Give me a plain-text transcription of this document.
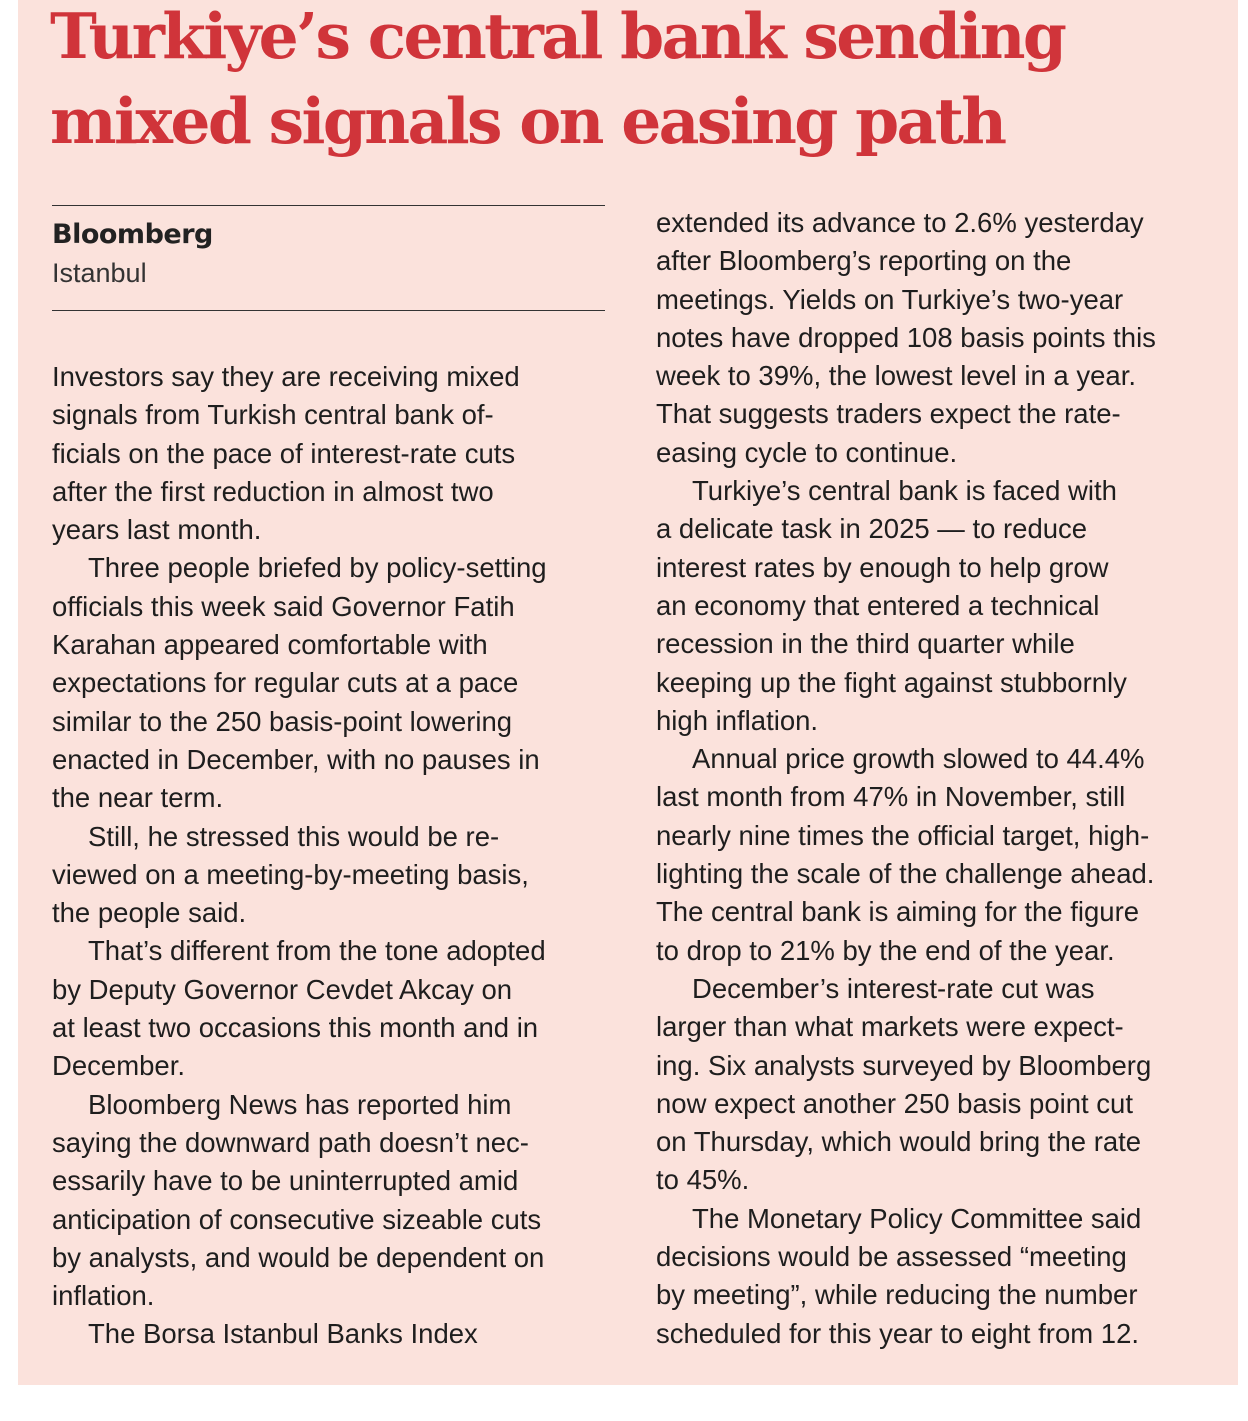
Turkiye’s central bank sending
mixed signals on easing path
Bloomberg
Istanbul
Investors say they are receiving mixed
signals from Turkish central bank of-
ficials on the pace of interest-rate cuts
after the first reduction in almost two
years last month.
Three people briefed by policy-setting
officials this week said Governor Fatih
Karahan appeared comfortable with
expectations for regular cuts at a pace
similar to the 250 basis-point lowering
enacted in December, with no pauses in
the near term.
Still, he stressed this would be re-
viewed on a meeting-by-meeting basis,
the people said.
That’s different from the tone adopted
by Deputy Governor Cevdet Akcay on
at least two occasions this month and in
December.
Bloomberg News has reported him
saying the downward path doesn’t nec-
essarily have to be uninterrupted amid
anticipation of consecutive sizeable cuts
by analysts, and would be dependent on
inflation.
The Borsa Istanbul Banks Index
extended its advance to 2.6% yesterday
after Bloomberg’s reporting on the
meetings. Yields on Turkiye’s two-year
notes have dropped 108 basis points this
week to 39%, the lowest level in a year.
That suggests traders expect the rate-
easing cycle to continue.
Turkiye’s central bank is faced with
a delicate task in 2025 — to reduce
interest rates by enough to help grow
an economy that entered a technical
recession in the third quarter while
keeping up the fight against stubbornly
high inflation.
Annual price growth slowed to 44.4%
last month from 47% in November, still
nearly nine times the official target, high-
lighting the scale of the challenge ahead.
The central bank is aiming for the figure
to drop to 21% by the end of the year.
December’s interest-rate cut was
larger than what markets were expect-
ing. Six analysts surveyed by Bloomberg
now expect another 250 basis point cut
on Thursday, which would bring the rate
to 45%.
The Monetary Policy Committee said
decisions would be assessed “meeting
by meeting”, while reducing the number
scheduled for this year to eight from 12.
